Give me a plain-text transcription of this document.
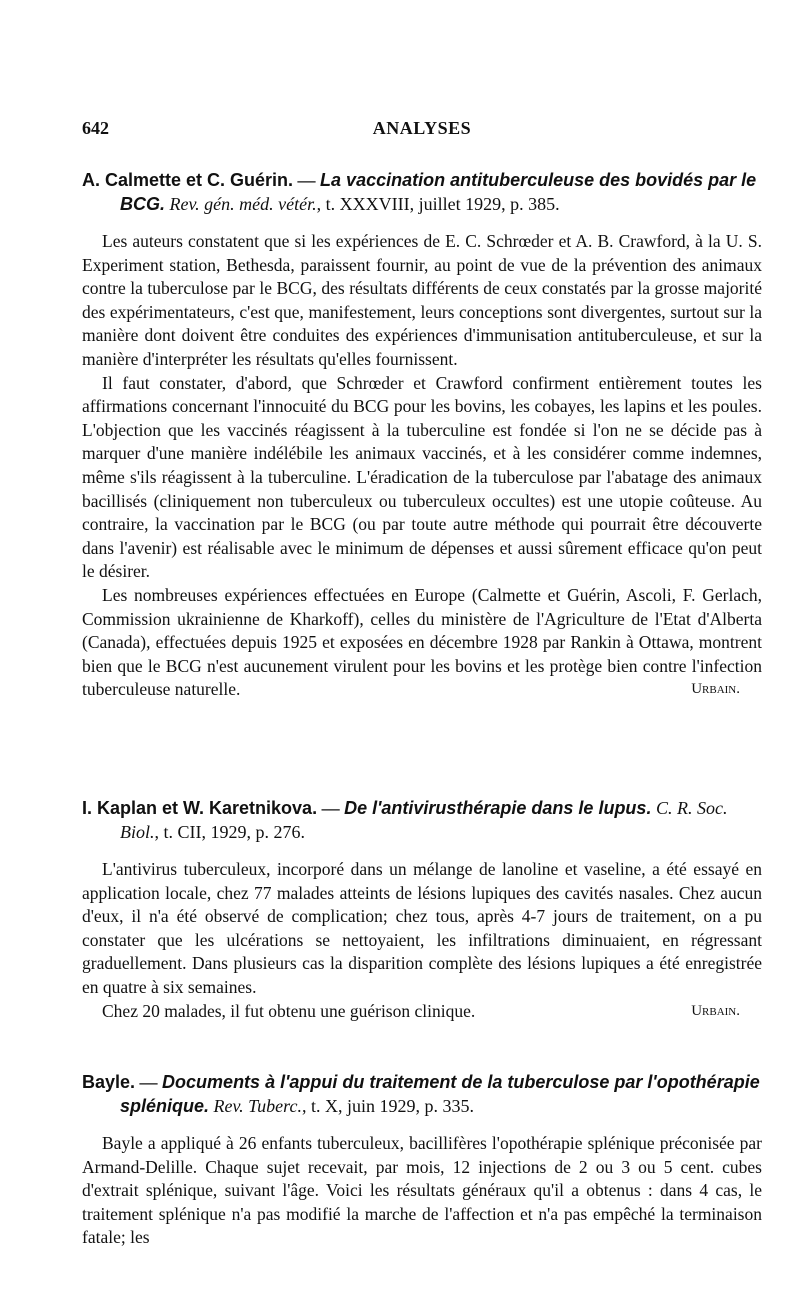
642	ANALYSES

A. Calmette et C. Guérin. — La vaccination antituberculeuse des bovidés par le BCG. Rev. gén. méd. vétér., t. XXXVIII, juillet 1929, p. 385.

Les auteurs constatent que si les expériences de E. C. Schrœder et A. B. Crawford, à la U. S. Experiment station, Bethesda, paraissent fournir, au point de vue de la prévention des animaux contre la tuberculose par le BCG, des résultats différents de ceux constatés par la grosse majorité des expérimentateurs, c'est que, manifestement, leurs conceptions sont divergentes, surtout sur la manière dont doivent être conduites des expériences d'immunisation antituberculeuse, et sur la manière d'interpréter les résultats qu'elles fournissent.

Il faut constater, d'abord, que Schrœder et Crawford confirment entièrement toutes les affirmations concernant l'innocuité du BCG pour les bovins, les cobayes, les lapins et les poules. L'objection que les vaccinés réagissent à la tuberculine est fondée si l'on ne se décide pas à marquer d'une manière indélébile les animaux vaccinés, et à les considérer comme indemnes, même s'ils réagissent à la tuberculine. L'éradication de la tuberculose par l'abatage des animaux bacillisés (cliniquement non tuberculeux ou tuberculeux occultes) est une utopie coûteuse. Au contraire, la vaccination par le BCG (ou par toute autre méthode qui pourrait être découverte dans l'avenir) est réalisable avec le minimum de dépenses et aussi sûrement efficace qu'on peut le désirer.

Les nombreuses expériences effectuées en Europe (Calmette et Guérin, Ascoli, F. Gerlach, Commission ukrainienne de Kharkoff), celles du ministère de l'Agriculture de l'Etat d'Alberta (Canada), effectuées depuis 1925 et exposées en décembre 1928 par Rankin à Ottawa, montrent bien que le BCG n'est aucunement virulent pour les bovins et les protège bien contre l'infection tuberculeuse naturelle.	Urbain.

I. Kaplan et W. Karetnikova. — De l'antivirusthérapie dans le lupus. C. R. Soc. Biol., t. CII, 1929, p. 276.

L'antivirus tuberculeux, incorporé dans un mélange de lanoline et vaseline, a été essayé en application locale, chez 77 malades atteints de lésions lupiques des cavités nasales. Chez aucun d'eux, il n'a été observé de complication; chez tous, après 4-7 jours de traitement, on a pu constater que les ulcérations se nettoyaient, les infiltrations diminuaient, en régressant graduellement. Dans plusieurs cas la disparition complète des lésions lupiques a été enregistrée en quatre à six semaines.

Chez 20 malades, il fut obtenu une guérison clinique.	Urbain.

Bayle. — Documents à l'appui du traitement de la tuberculose par l'opothérapie splénique. Rev. Tuberc., t. X, juin 1929, p. 335.

Bayle a appliqué à 26 enfants tuberculeux, bacillifères l'opothérapie splénique préconisée par Armand-Delille. Chaque sujet recevait, par mois, 12 injections de 2 ou 3 ou 5 cent. cubes d'extrait splénique, suivant l'âge. Voici les résultats généraux qu'il a obtenus : dans 4 cas, le traitement splénique n'a pas modifié la marche de l'affection et n'a pas empêché la terminaison fatale; les
